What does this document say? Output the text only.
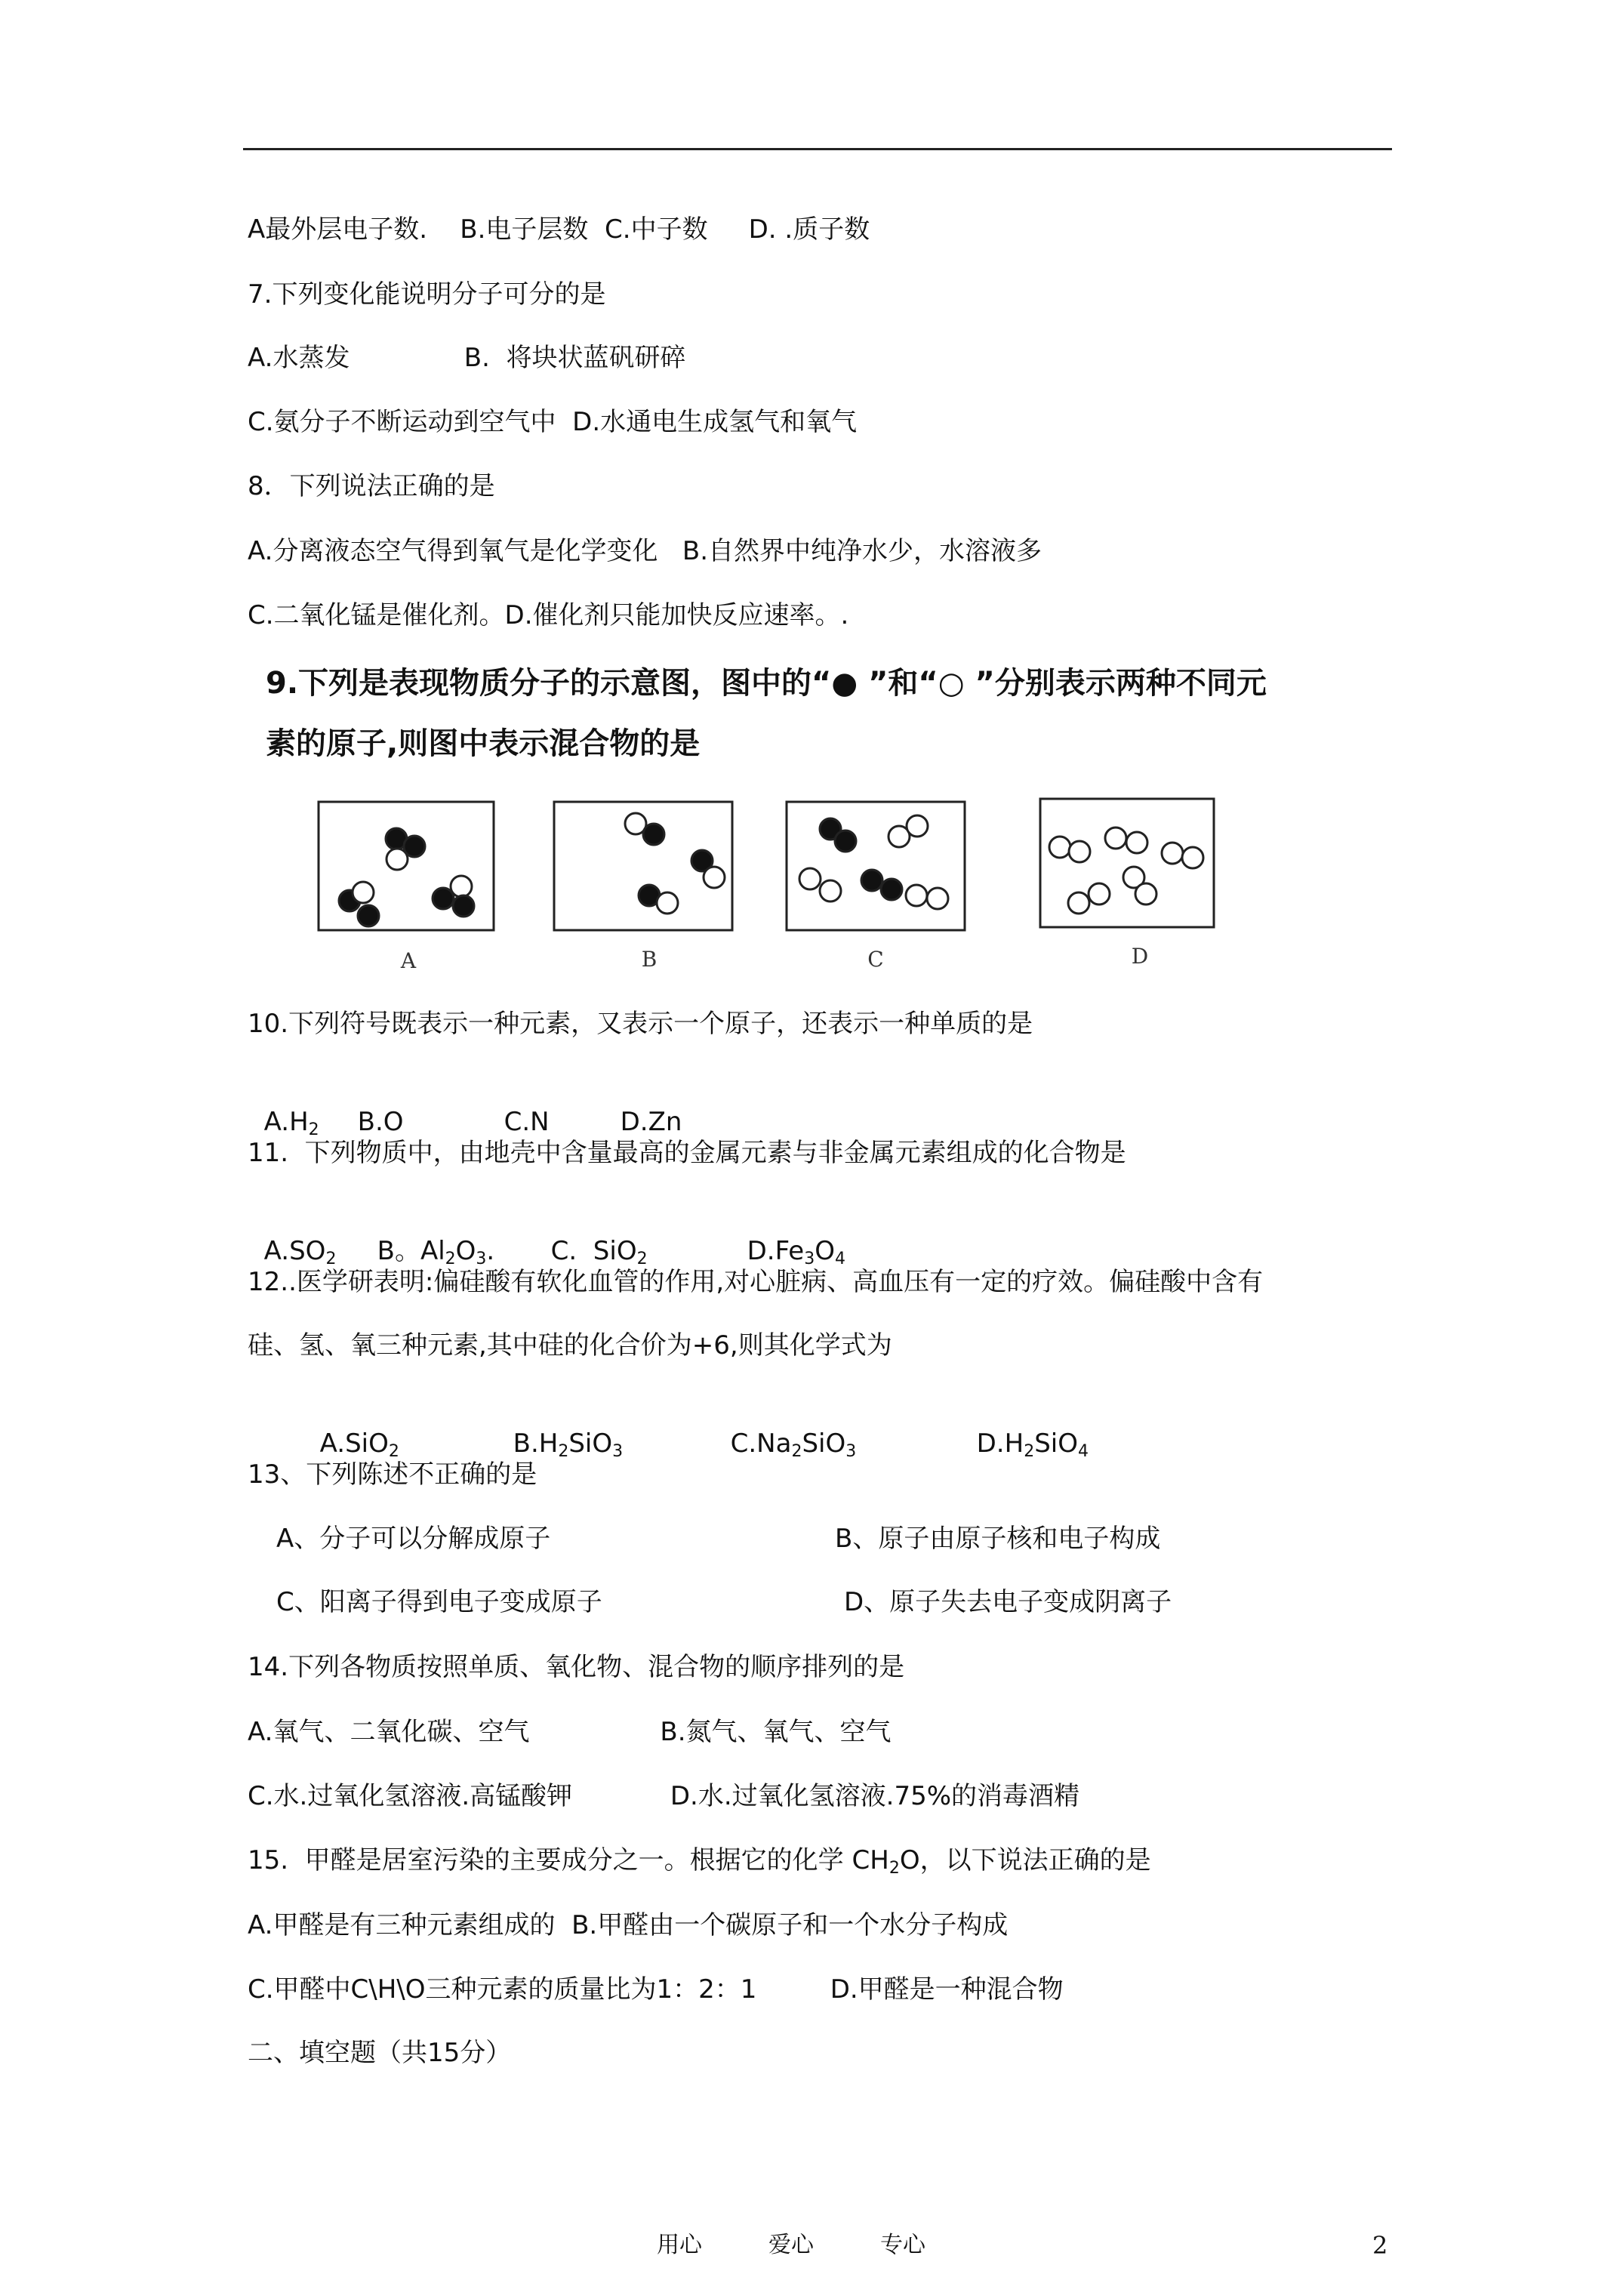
A最外层电子数.    B.电子层数  C.中子数     D. .质子数
7.下列变化能说明分子可分的是
A.水蒸发              B.  将块状蓝矾研碎
C.氨分子不断运动到空气中  D.水通电生成氢气和氧气
8．下列说法正确的是
A.分离液态空气得到氧气是化学变化   B.自然界中纯净水少，水溶液多
C.二氧化锰是催化剂。D.催化剂只能加快反应速率。.
9.下列是表现物质分子的示意图，图中的“● ”和“○ ”分别表示两种不同元
素的原子,则图中表示混合物的是
A	B	C	D
10.下列符号既表示一种元素，又表示一个原子，还表示一种单质的是

$A.H_2$ B.O	C.N	D.Zn

11.  下列物质中，由地壳中含量最高的金属元素与非金属元素组成的化合物是

$A.SO_2$ B。$Al_2O_3$. C.  SiO$_2$	$D.Fe_3O_4$

12..医学研表明:偏硅酸有软化血管的作用,对心脏病、高血压有一定的疗效。偏硅酸中含有
硅、氢、氧三种元素,其中硅的化合价为+6,则其化学式为

A.SiO$_2$	$B.H_2SiO_3$	$C.Na_2SiO_3$	$D.H_2SiO_4$

13、下列陈述不正确的是
A、分子可以分解成原子	B、原子由原子核和电子构成
C、阳离子得到电子变成原子	D、原子失去电子变成阴离子
14.下列各物质按照单质、氧化物、混合物的顺序排列的是
A.氧气、二氧化碳、空气                B.氮气、氧气、空气
C.水.过氧化氢溶液.高锰酸钾            D.水.过氧化氢溶液.75%的消毒酒精
15.  甲醛是居室污染的主要成分之一。根据它的化学 $CH_2O$，以下说法正确的是
A.甲醛是有三种元素组成的  B.甲醛由一个碳原子和一个水分子构成
C.甲醛中C\H\O三种元素的质量比为1：2：1         D.甲醛是一种混合物
二、填空题（共15分）
用心	爱心	专心	2
